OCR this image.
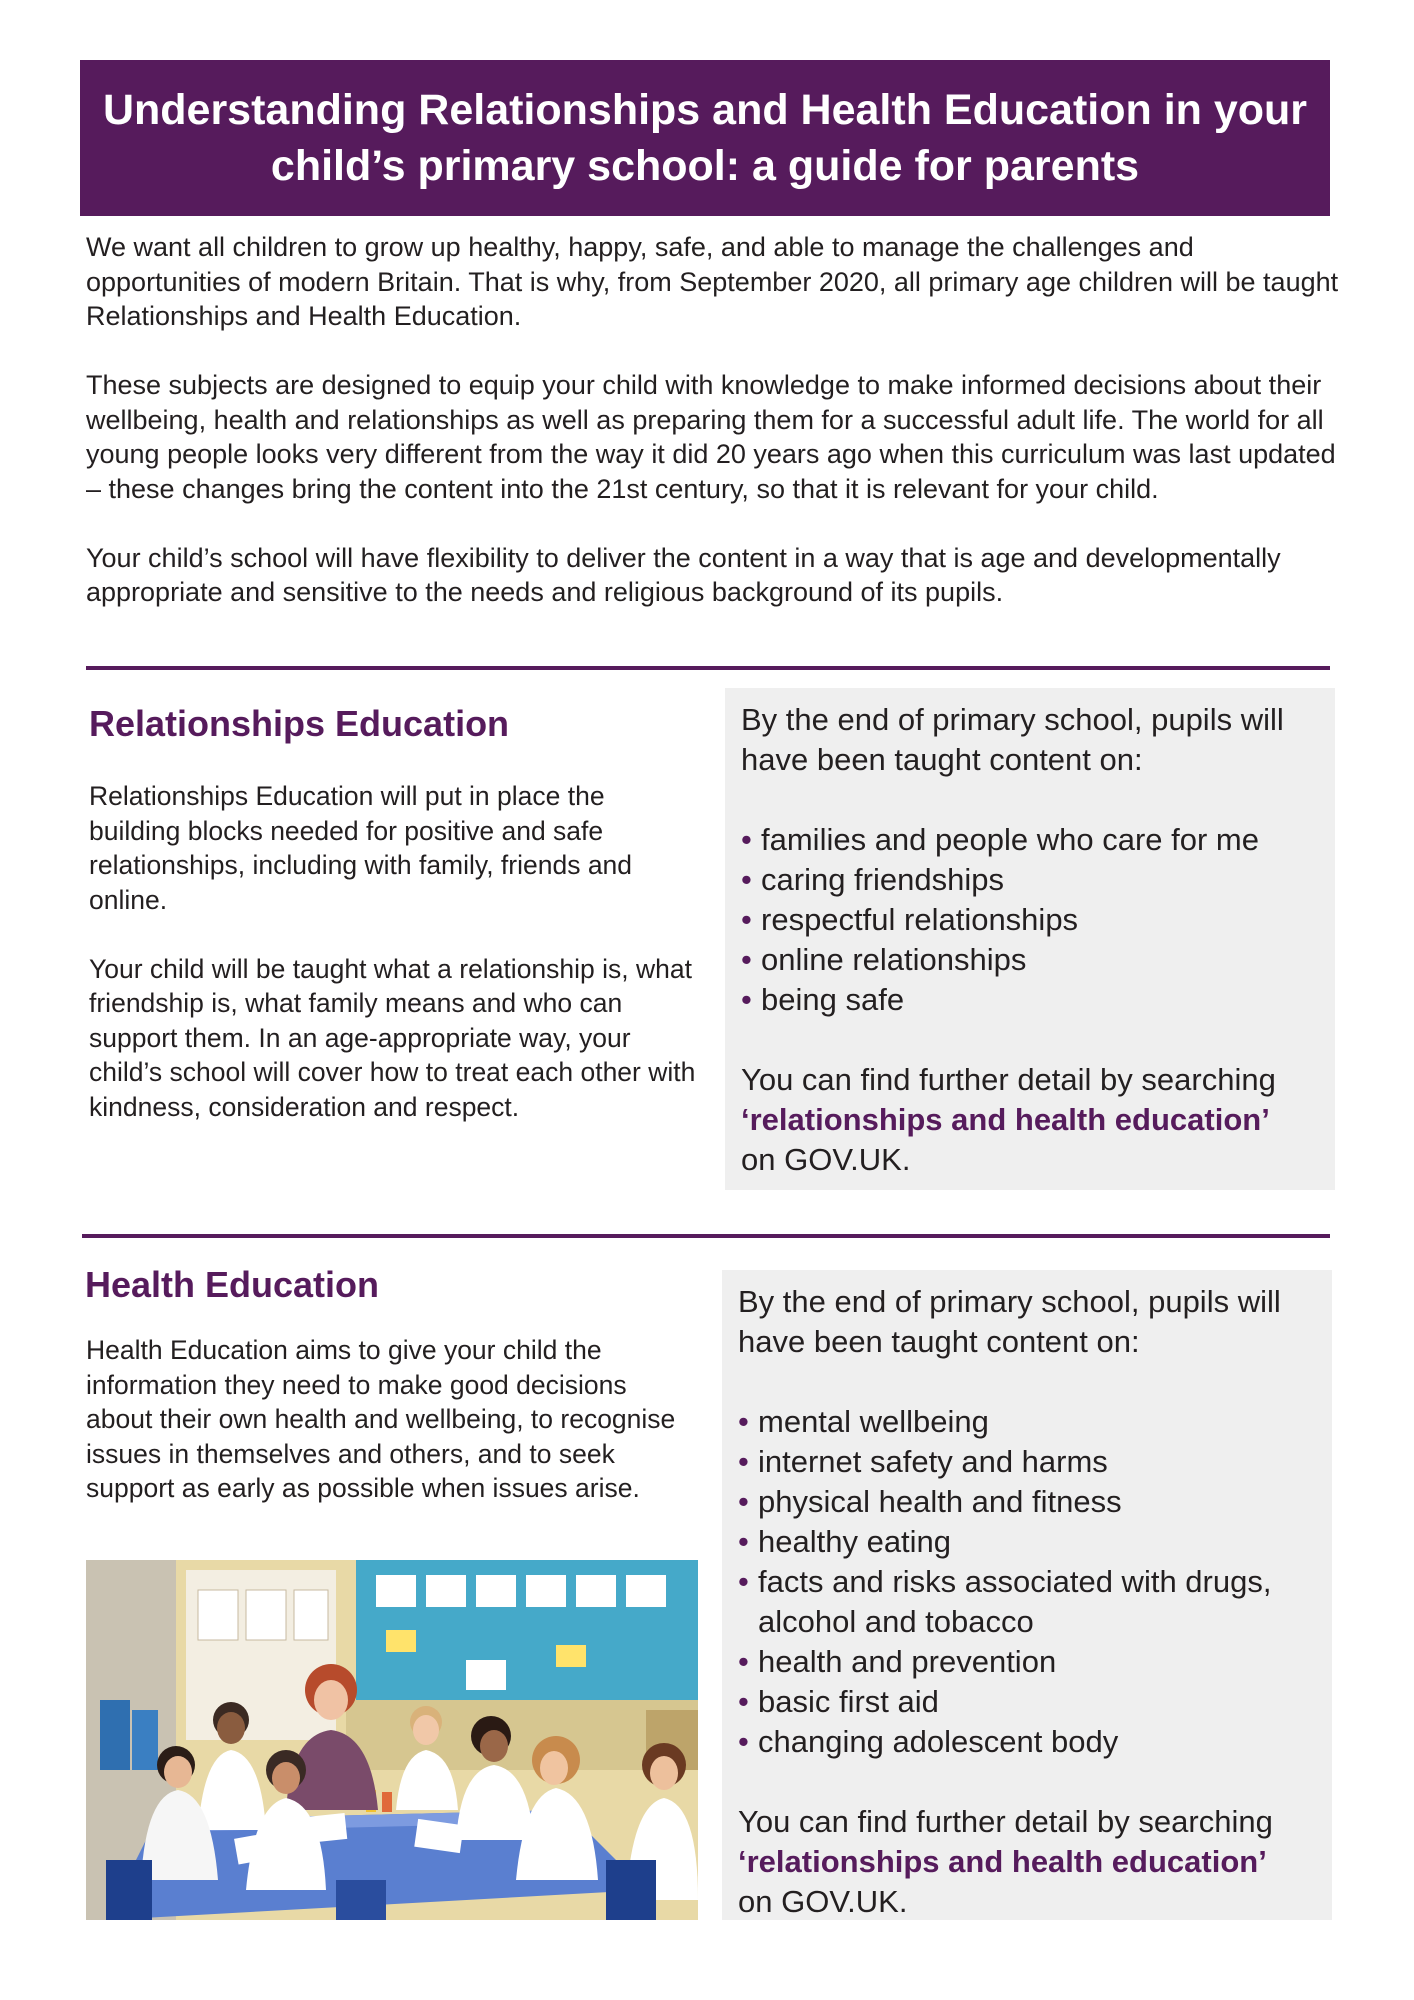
Understanding Relationships and Health Education in your child’s primary school: a guide for parents

We want all children to grow up healthy, happy, safe, and able to manage the challenges and opportunities of modern Britain. That is why, from September 2020, all primary age children will be taught Relationships and Health Education.

These subjects are designed to equip your child with knowledge to make informed decisions about their wellbeing, health and relationships as well as preparing them for a successful adult life. The world for all young people looks very different from the way it did 20 years ago when this curriculum was last updated – these changes bring the content into the 21st century, so that it is relevant for your child.

Your child’s school will have flexibility to deliver the content in a way that is age and developmentally appropriate and sensitive to the needs and religious background of its pupils.

Relationships Education

Relationships Education will put in place the building blocks needed for positive and safe relationships, including with family, friends and online.

Your child will be taught what a relationship is, what friendship is, what family means and who can support them. In an age-appropriate way, your child’s school will cover how to treat each other with kindness, consideration and respect.

By the end of primary school, pupils will have been taught content on:

• families and people who care for me
• caring friendships
• respectful relationships
• online relationships
• being safe

You can find further detail by searching
‘relationships and health education’
on GOV.UK.

Health Education

Health Education aims to give your child the information they need to make good decisions about their own health and wellbeing, to recognise issues in themselves and others, and to seek support as early as possible when issues arise.

By the end of primary school, pupils will have been taught content on:

• mental wellbeing
• internet safety and harms
• physical health and fitness
• healthy eating
• facts and risks associated with drugs, alcohol and tobacco
• health and prevention
• basic first aid
• changing adolescent body

You can find further detail by searching
‘relationships and health education’
on GOV.UK.
